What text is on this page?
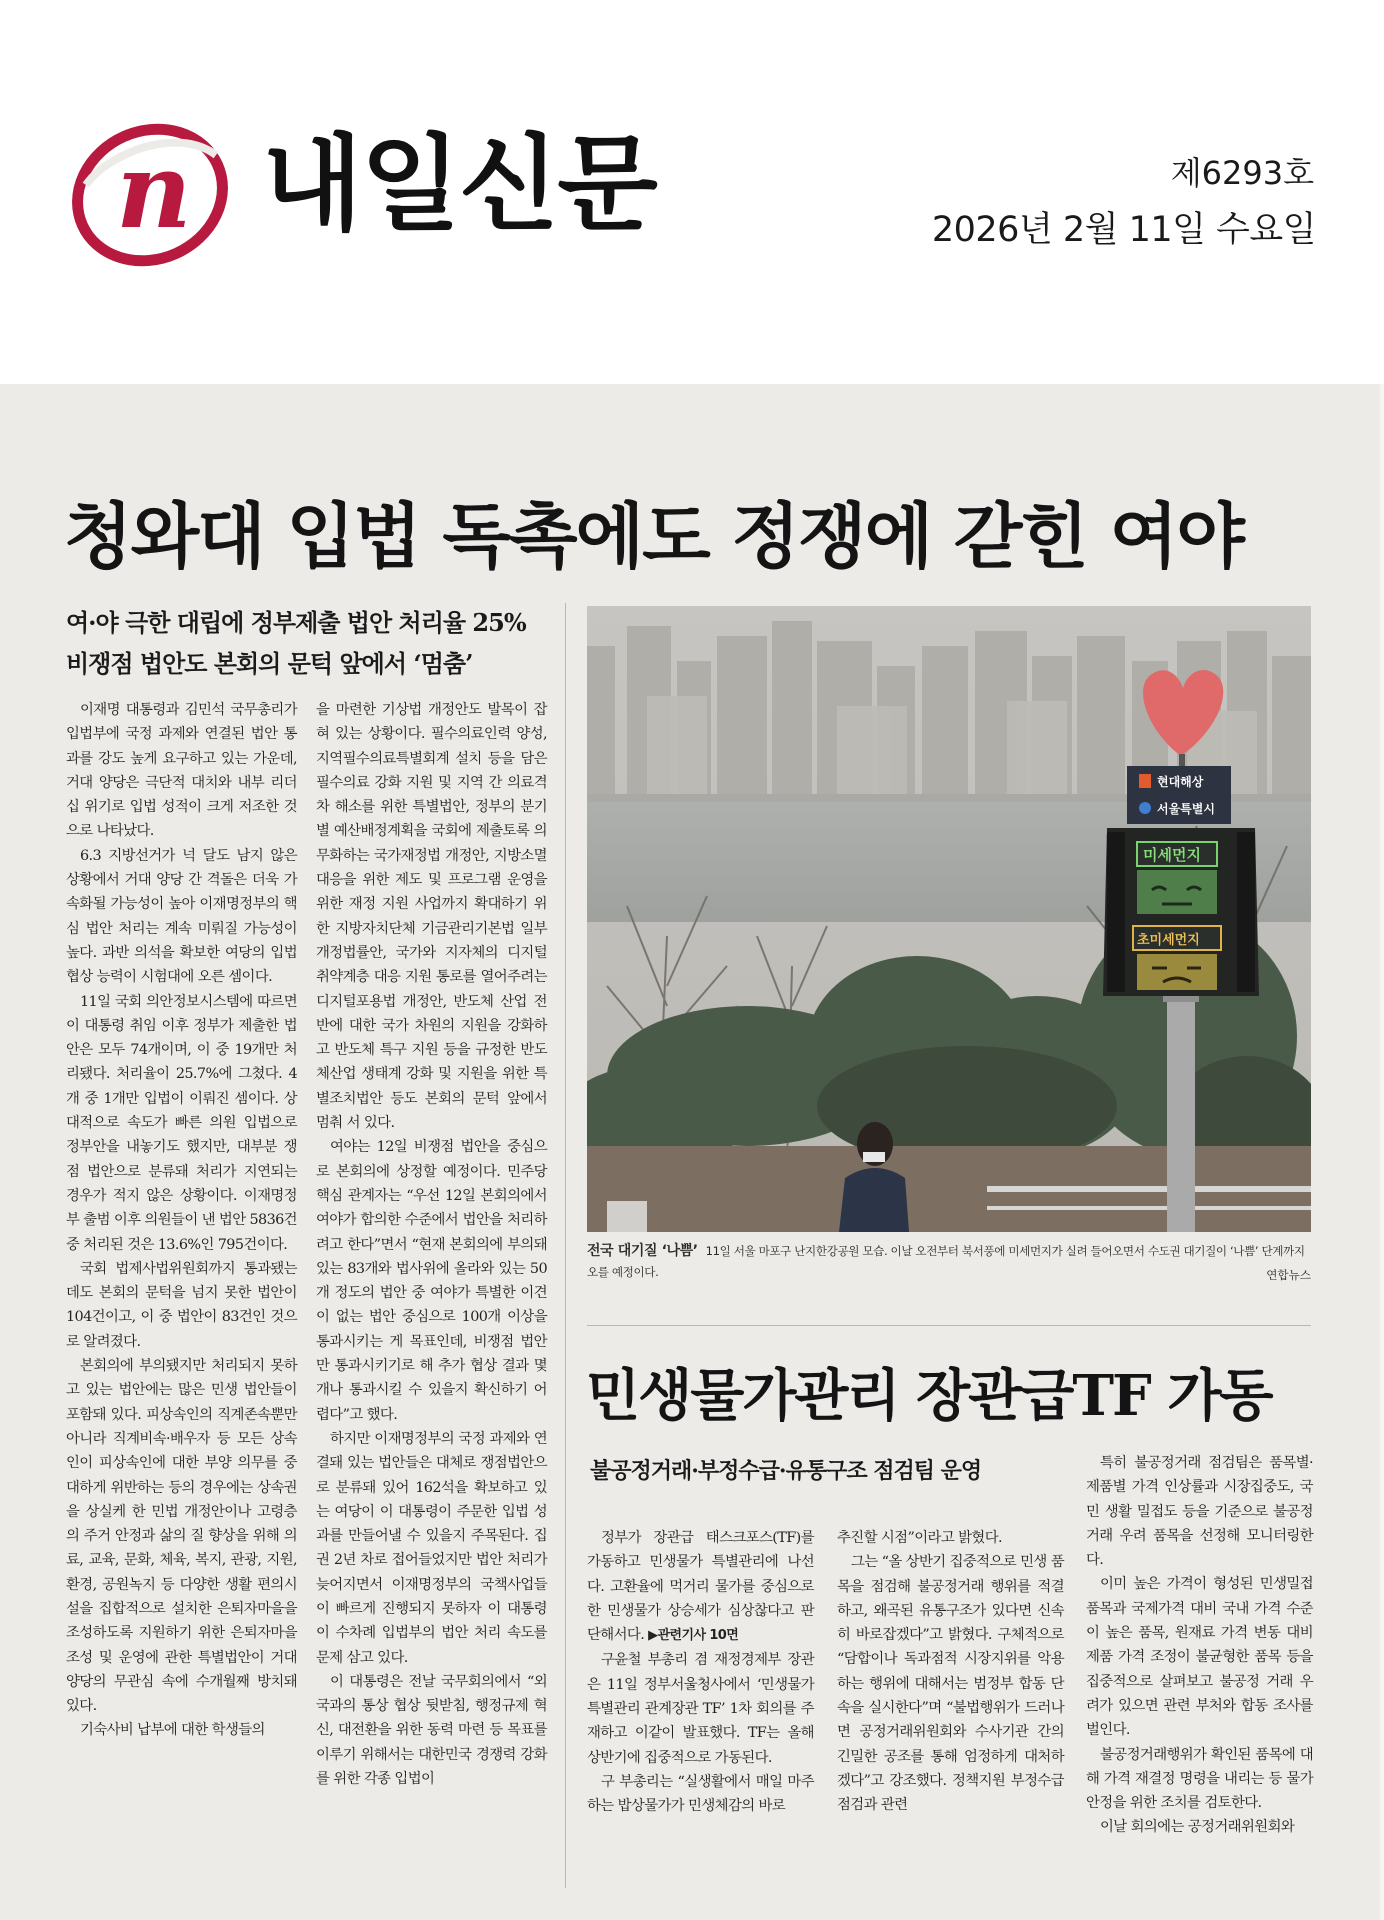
n 내일신문	제6293호
2026년 2월 11일 수요일
청와대 입법 독촉에도 정쟁에 갇힌 여야
여·야 극한 대립에 정부제출 법안 처리율 25%
비쟁점 법안도 본회의 문턱 앞에서 ‘멈춤’

이재명 대통령과 김민석 국무총리가 입법부에 국정 과제와 연결된 법안 통과를 강도 높게 요구하고 있는 가운데, 거대 양당은 극단적 대치와 내부 리더십 위기로 입법 성적이 크게 저조한 것으로 나타났다.

6.3 지방선거가 넉 달도 남지 않은 상황에서 거대 양당 간 격돌은 더욱 가속화될 가능성이 높아 이재명정부의 핵심 법안 처리는 계속 미뤄질 가능성이 높다. 과반 의석을 확보한 여당의 입법 협상 능력이 시험대에 오른 셈이다.

11일 국회 의안정보시스템에 따르면 이 대통령 취임 이후 정부가 제출한 법안은 모두 74개이며, 이 중 19개만 처리됐다. 처리율이 25.7%에 그쳤다. 4개 중 1개만 입법이 이뤄진 셈이다. 상대적으로 속도가 빠른 의원 입법으로 정부안을 내놓기도 했지만, 대부분 쟁점 법안으로 분류돼 처리가 지연되는 경우가 적지 않은 상황이다. 이재명정부 출범 이후 의원들이 낸 법안 5836건 중 처리된 것은 13.6%인 795건이다.

국회 법제사법위원회까지 통과됐는데도 본회의 문턱을 넘지 못한 법안이 104건이고, 이 중 법안이 83건인 것으로 알려졌다.

본회의에 부의됐지만 처리되지 못하고 있는 법안에는 많은 민생 법안들이 포함돼 있다. 피상속인의 직계존속뿐만 아니라 직계비속·배우자 등 모든 상속인이 피상속인에 대한 부양 의무를 중대하게 위반하는 등의 경우에는 상속권을 상실케 한 민법 개정안이나 고령층의 주거 안정과 삶의 질 향상을 위해 의료, 교육, 문화, 체육, 복지, 관광, 지원, 환경, 공원녹지 등 다양한 생활 편의시설을 집합적으로 설치한 은퇴자마을을 조성하도록 지원하기 위한 은퇴자마을 조성 및 운영에 관한 특별법안이 거대양당의 무관심 속에 수개월째 방치돼 있다.

기숙사비 납부에 대한 학생들의

을 마련한 기상법 개정안도 발목이 잡혀 있는 상황이다. 필수의료인력 양성, 지역필수의료특별회계 설치 등을 담은 필수의료 강화 지원 및 지역 간 의료격차 해소를 위한 특별법안, 정부의 분기별 예산배정계획을 국회에 제출토록 의무화하는 국가재정법 개정안, 지방소멸대응을 위한 제도 및 프로그램 운영을 위한 재정 지원 사업까지 확대하기 위한 지방자치단체 기금관리기본법 일부개정법률안, 국가와 지자체의 디지털 취약계층 대응 지원 통로를 열어주려는 디지털포용법 개정안, 반도체 산업 전반에 대한 국가 차원의 지원을 강화하고 반도체 특구 지원 등을 규정한 반도체산업 생태계 강화 및 지원을 위한 특별조치법안 등도 본회의 문턱 앞에서 멈춰 서 있다.

여야는 12일 비쟁점 법안을 중심으로 본회의에 상정할 예정이다. 민주당 핵심 관계자는 “우선 12일 본회의에서 여야가 합의한 수준에서 법안을 처리하려고 한다”면서 “현재 본회의에 부의돼 있는 83개와 법사위에 올라와 있는 50개 정도의 법안 중 여야가 특별한 이견이 없는 법안 중심으로 100개 이상을 통과시키는 게 목표인데, 비쟁점 법안만 통과시키기로 해 추가 협상 결과 몇 개나 통과시킬 수 있을지 확신하기 어렵다”고 했다.

하지만 이재명정부의 국정 과제와 연결돼 있는 법안들은 대체로 쟁점법안으로 분류돼 있어 162석을 확보하고 있는 여당이 이 대통령이 주문한 입법 성과를 만들어낼 수 있을지 주목된다. 집권 2년 차로 접어들었지만 법안 처리가 늦어지면서 이재명정부의 국책사업들이 빠르게 진행되지 못하자 이 대통령이 수차례 입법부의 법안 처리 속도를 문제 삼고 있다.

이 대통령은 전날 국무회의에서 “외국과의 통상 협상 뒷받침, 행정규제 혁신, 대전환을 위한 동력 마련 등 목표를 이루기 위해서는 대한민국 경쟁력 강화를 위한 각종 입법이

현대해상
서울특별시
미세먼지
초미세먼지
전국 대기질 ‘나쁨’ 11일 서울 마포구 난지한강공원 모습. 이날 오전부터 북서풍에 미세먼지가 실려 들어오면서 수도권 대기질이 ‘나쁨’ 단계까지 오를 예정이다.	연합뉴스
민생물가관리 장관급TF 가동
불공정거래·부정수급·유통구조 점검팀 운영

정부가 장관급 태스크포스(TF)를 가동하고 민생물가 특별관리에 나선다. 고환율에 먹거리 물가를 중심으로 한 민생물가 상승세가 심상찮다고 판단해서다. ▶관련기사 10면

구윤철 부총리 겸 재정경제부 장관은 11일 정부서울청사에서 ‘민생물가 특별관리 관계장관 TF’ 1차 회의를 주재하고 이같이 발표했다. TF는 올해 상반기에 집중적으로 가동된다.

구 부총리는 “실생활에서 매일 마주하는 밥상물가가 민생체감의 바로

추진할 시점”이라고 밝혔다.

그는 “올 상반기 집중적으로 민생 품목을 점검해 불공정거래 행위를 적결하고, 왜곡된 유통구조가 있다면 신속히 바로잡겠다”고 밝혔다. 구체적으로 “담합이나 독과점적 시장지위를 악용하는 행위에 대해서는 범정부 합동 단속을 실시한다”며 “불법행위가 드러나면 공정거래위원회와 수사기관 간의 긴밀한 공조를 통해 엄정하게 대처하겠다”고 강조했다. 정책지원 부정수급 점검과 관련

특히 불공정거래 점검팀은 품목별·제품별 가격 인상률과 시장집중도, 국민 생활 밀접도 등을 기준으로 불공정거래 우려 품목을 선정해 모니터링한다.

이미 높은 가격이 형성된 민생밀접 품목과 국제가격 대비 국내 가격 수준이 높은 품목, 원재료 가격 변동 대비 제품 가격 조정이 불균형한 품목 등을 집중적으로 살펴보고 불공정 거래 우려가 있으면 관련 부처와 합동 조사를 벌인다.

불공정거래행위가 확인된 품목에 대해 가격 재결정 명령을 내리는 등 물가 안정을 위한 조치를 검토한다.

이날 회의에는 공정거래위원회와
